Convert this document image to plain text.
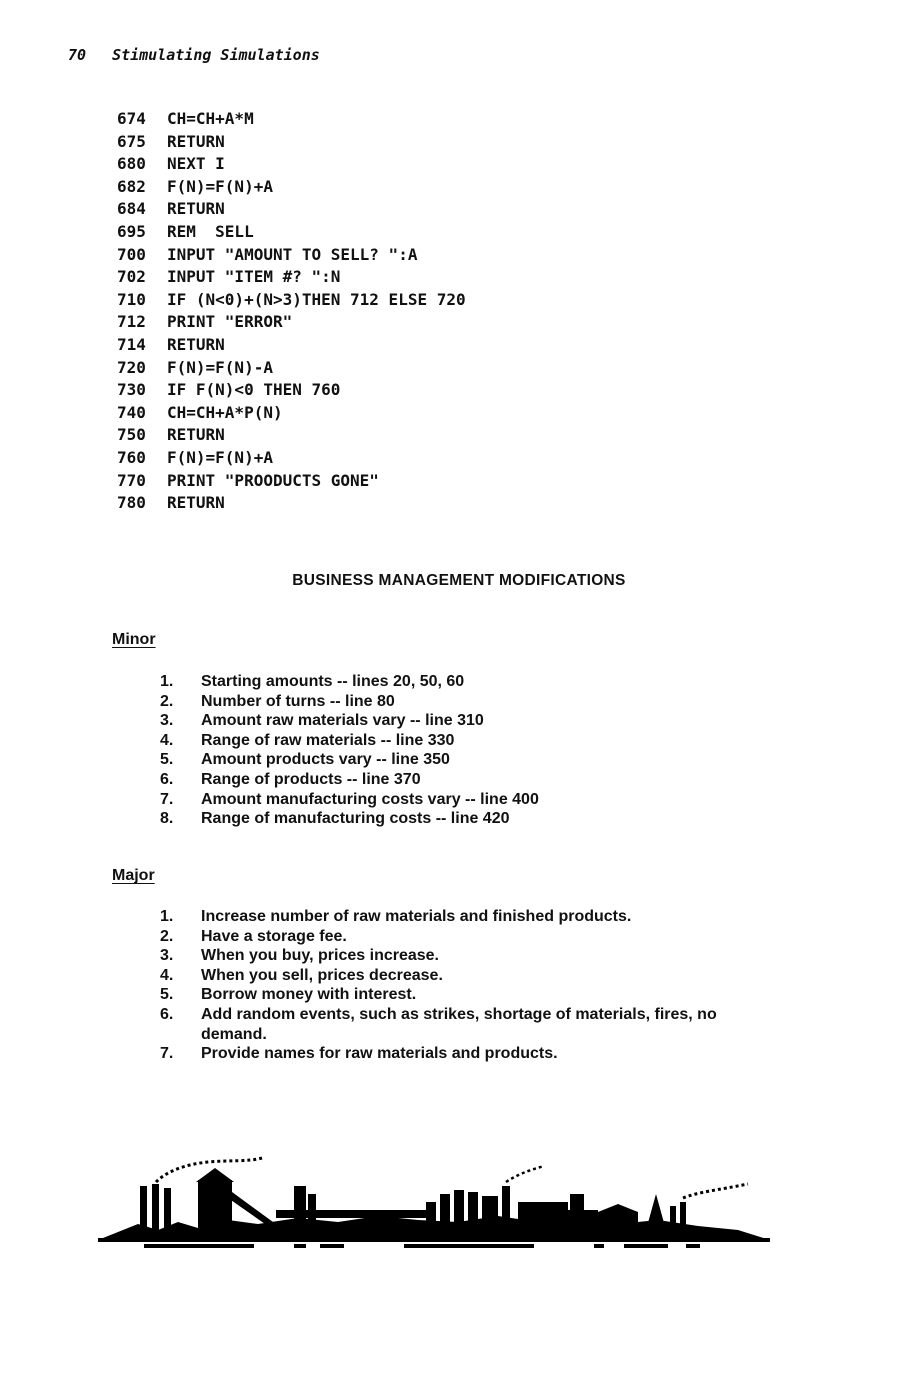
70 Stimulating Simulations
674 CH=CH+A*M
675 RETURN
680 NEXT I
682 F(N)=F(N)+A
684 RETURN
695 REM  SELL
700 INPUT "AMOUNT TO SELL? ":A
702 INPUT "ITEM #? ":N
710 IF (N<0)+(N>3)THEN 712 ELSE 720
712 PRINT "ERROR"
714 RETURN
720 F(N)=F(N)-A
730 IF F(N)<0 THEN 760
740 CH=CH+A*P(N)
750 RETURN
760 F(N)=F(N)+A
770 PRINT "PROODUCTS GONE"
780 RETURN
BUSINESS MANAGEMENT MODIFICATIONS
Minor
1.	Starting amounts -- lines 20, 50, 60
2.	Number of turns -- line 80
3.	Amount raw materials vary -- line 310
4.	Range of raw materials -- line 330
5.	Amount products vary -- line 350
6.	Range of products -- line 370
7.	Amount manufacturing costs vary -- line 400
8.	Range of manufacturing costs -- line 420
Major
1.	Increase number of raw materials and finished products.
2.	Have a storage fee.
3.	When you buy, prices increase.
4.	When you sell, prices decrease.
5.	Borrow money with interest.
6.	Add random events, such as strikes, shortage of materials, fires, no demand.
7.	Provide names for raw materials and products.
